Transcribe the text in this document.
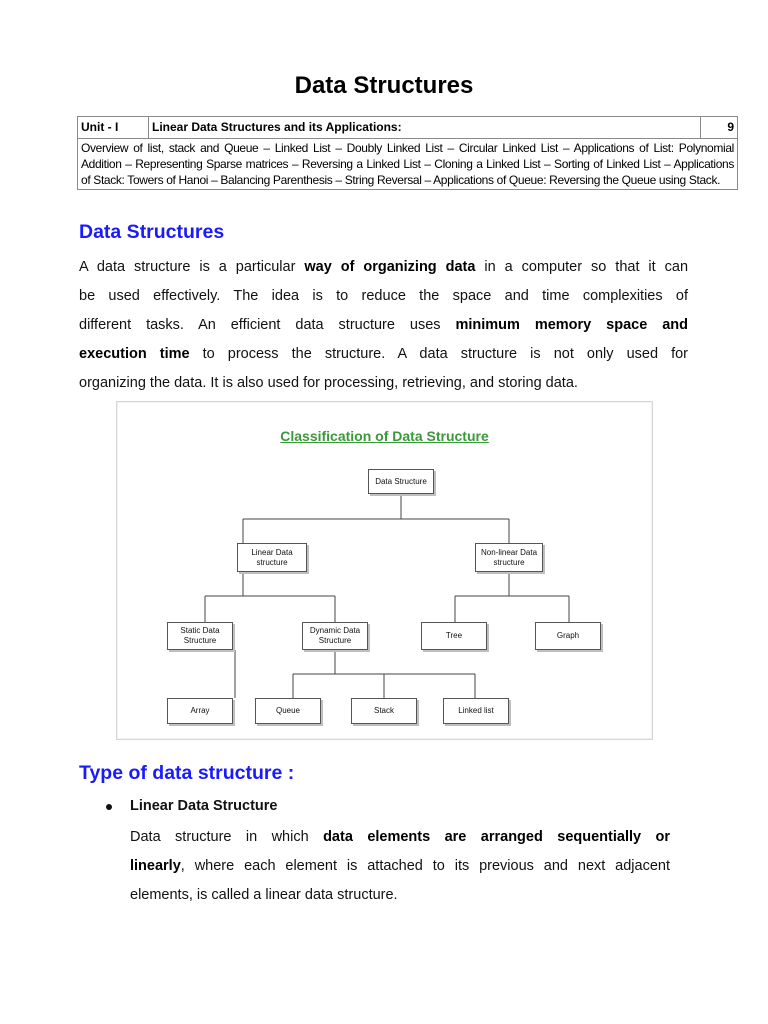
Data Structures
Unit - I	Linear Data Structures and its Applications:	9

Overview of list, stack and Queue – Linked List – Doubly Linked List – Circular Linked List – Applications of List: Polynomial
Addition – Representing Sparse matrices – Reversing a Linked List – Cloning a Linked List – Sorting of Linked List – Applications
of Stack: Towers of Hanoi – Balancing Parenthesis – String Reversal – Applications of Queue: Reversing the Queue using Stack.
Data Structures
A data structure is a particular way of organizing data in a computer so that it can
be used effectively. The idea is to reduce the space and time complexities of
different tasks. An efficient data structure uses minimum memory space and
execution time to process the structure. A data structure is not only used for
organizing the data. It is also used for processing, retrieving, and storing data.
Classification of Data Structure
Data Structure
Linear Data structure
Non-linear Data structure
Static Data Structure
Dynamic Data Structure
Tree	Graph
Array	Queue	Stack	Linked list
Type of data structure :
Linear Data Structure
Data structure in which data elements are arranged sequentially or
linearly, where each element is attached to its previous and next adjacent
elements, is called a linear data structure.
